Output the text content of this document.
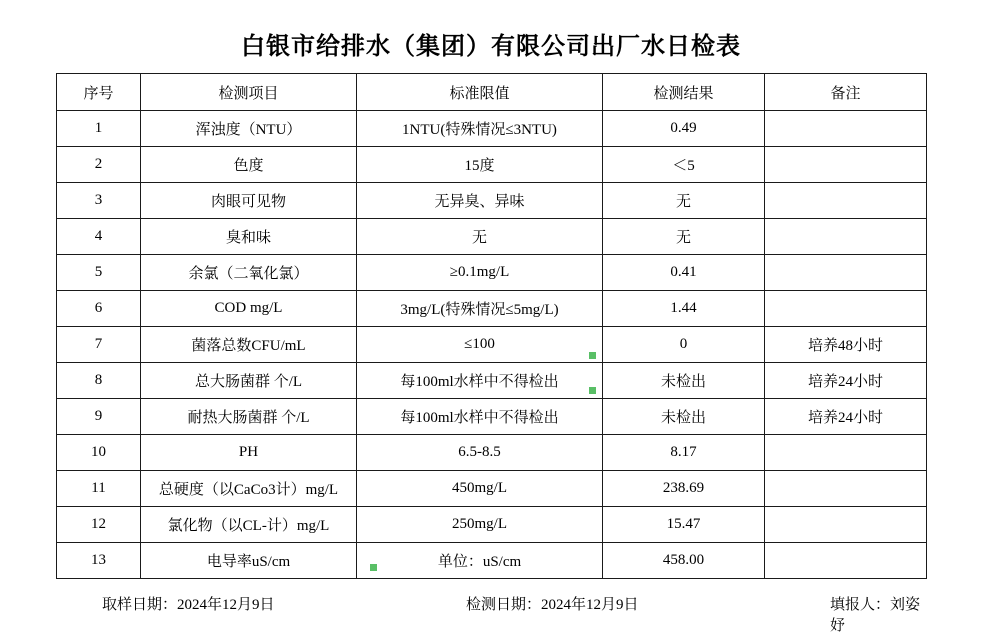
白银市给排水（集团）有限公司出厂水日检表
序号	检测项目	标准限值	检测结果	备注
1	浑浊度（NTU）	1NTU(特殊情况≤3NTU)	0.49	
2	色度	15度	＜5	
3	肉眼可见物	无异臭、异味	无	
4	臭和味	无	无	
5	余氯（二氧化氯）	≥0.1mg/L	0.41	
6	COD mg/L	3mg/L(特殊情况≤5mg/L)	1.44	
7	菌落总数CFU/mL	≤100	0	培养48小时
8	总大肠菌群 个/L	每100ml水样中不得检出	未检出	培养24小时
9	耐热大肠菌群 个/L	每100ml水样中不得检出	未检出	培养24小时
10	PH	6.5-8.5	8.17	
11	总硬度（以CaCo3计）mg/L	450mg/L	238.69	
12	氯化物（以CL-计）mg/L	250mg/L	15.47	
13	电导率uS/cm	单位：uS/cm	458.00	
取样日期：2024年12月9日	检测日期：2024年12月9日	填报人：刘姿妤
